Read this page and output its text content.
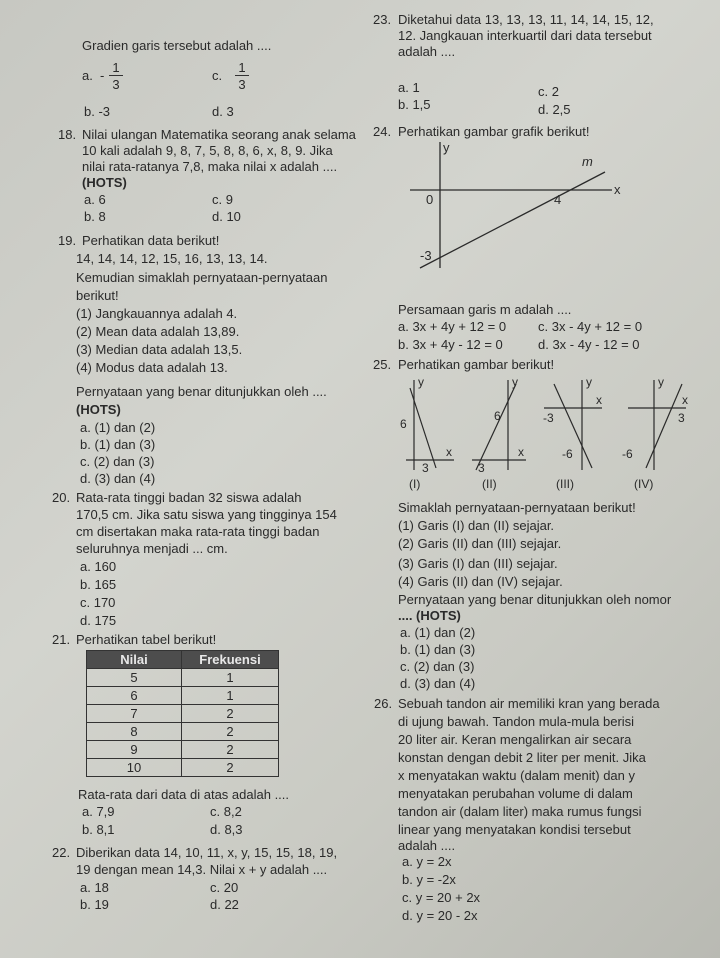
Gradien garis tersebut adalah ....
a. -
1
3
c.
1
3
b. -3	d. 3
18. Nilai ulangan Matematika seorang anak selama
10 kali adalah 9, 8, 7, 5, 8, 8, 6, x, 8, 9. Jika
nilai rata-ratanya 7,8, maka nilai x adalah ....
(HOTS)
a. 6	c. 9
b. 8	d. 10
19. Perhatikan data berikut!
14, 14, 14, 12, 15, 16, 13, 13, 14.
Kemudian simaklah pernyataan-pernyataan
berikut!
(1) Jangkauannya adalah 4.
(2) Mean data adalah 13,89.
(3) Median data adalah 13,5.
(4) Modus data adalah 13.
Pernyataan yang benar ditunjukkan oleh ....
(HOTS)
a. (1) dan (2)
b. (1) dan (3)
c. (2) dan (3)
d. (3) dan (4)
20. Rata-rata tinggi badan 32 siswa adalah
170,5 cm. Jika satu siswa yang tingginya 154
cm disertakan maka rata-rata tinggi badan
seluruhnya menjadi ... cm.
a. 160
b. 165
c. 170
d. 175
21. Perhatikan tabel berikut!
Nilai	Frekuensi
5	1
6	1
7	2
8	2
9	2
10	2
Rata-rata dari data di atas adalah ....
a. 7,9	c. 8,2
b. 8,1	d. 8,3
22. Diberikan data 14, 10, 11, x, y, 15, 15, 18, 19,
19 dengan mean 14,3. Nilai x + y adalah ....
a. 18	c. 20
b. 19	d. 22
23. Diketahui data 13, 13, 13, 11, 14, 14, 15, 12,
12. Jangkauan interkuartil dari data tersebut
adalah ....
a. 1	c. 2
b. 1,5	d. 2,5
24. Perhatikan gambar grafik berikut!
y
x
0
m
4
-3
Persamaan garis m adalah ....
a. 3x + 4y + 12 = 0 c. 3x - 4y + 12 = 0
b. 3x + 4y - 12 = 0	d. 3x - 4y - 12 = 0
25. Perhatikan gambar berikut!
y
x
6
3
(I)
y
x
6
3
(II)
y
x
-3
-6
(III)
y
x
3
-6
(IV)
Simaklah pernyataan-pernyataan berikut!
(1) Garis (I) dan (II) sejajar.
(2) Garis (II) dan (III) sejajar.
(3) Garis (I) dan (III) sejajar.
(4) Garis (II) dan (IV) sejajar.
Pernyataan yang benar ditunjukkan oleh nomor
.... (HOTS)
a. (1) dan (2)
b. (1) dan (3)
c. (2) dan (3)
d. (3) dan (4)
26. Sebuah tandon air memiliki kran yang berada
di ujung bawah. Tandon mula-mula berisi
20 liter air. Keran mengalirkan air secara
konstan dengan debit 2 liter per menit. Jika
x menyatakan waktu (dalam menit) dan y
menyatakan perubahan volume di dalam
tandon air (dalam liter) maka rumus fungsi
linear yang menyatakan kondisi tersebut
adalah ....
a. y = 2x
b. y = -2x
c. y = 20 + 2x
d. y = 20 - 2x
